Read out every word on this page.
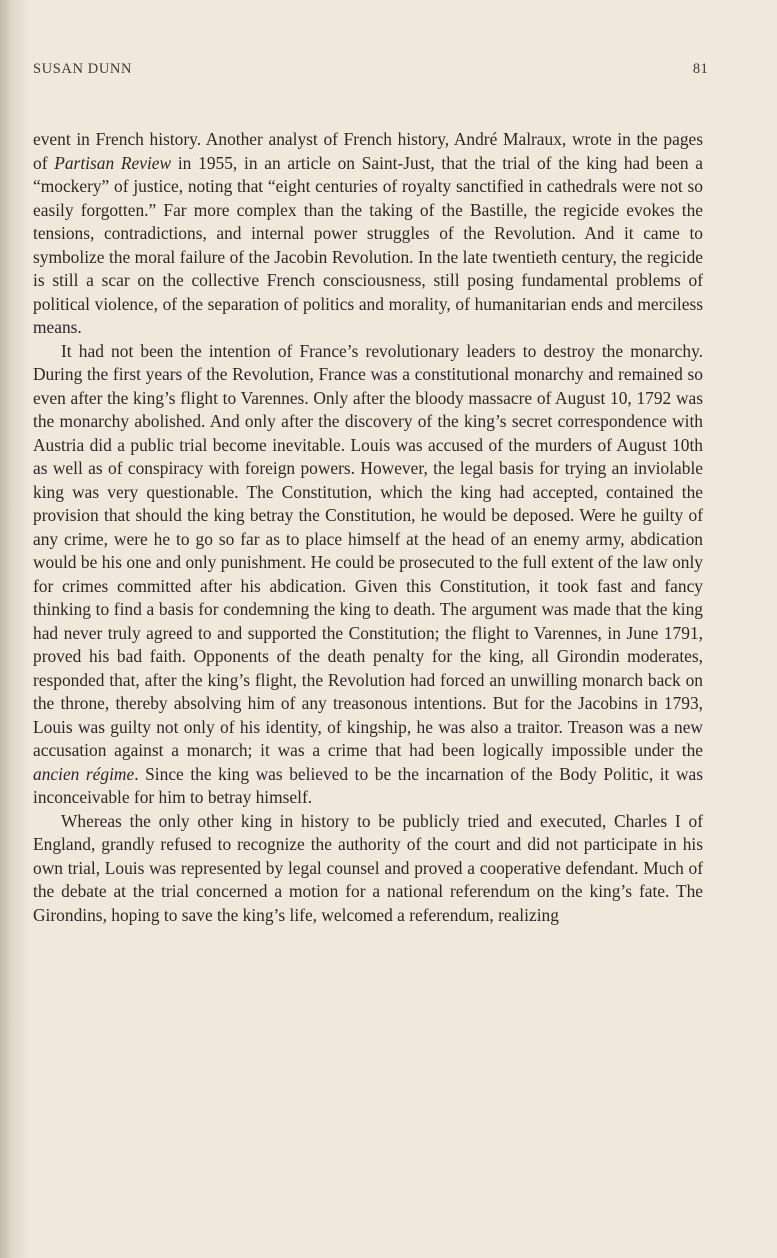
SUSAN DUNN	81

event in French history. Another analyst of French history, André Malraux, wrote in the pages of Partisan Review in 1955, in an article on Saint-Just, that the trial of the king had been a “mockery” of justice, noting that “eight centuries of royalty sanctified in cathedrals were not so easily forgotten.” Far more complex than the taking of the Bastille, the regicide evokes the tensions, contradictions, and internal power struggles of the Revolution. And it came to symbolize the moral failure of the Jacobin Revolution. In the late twentieth century, the regicide is still a scar on the collective French consciousness, still posing fundamental problems of political violence, of the separation of politics and morality, of humanitarian ends and merciless means.

It had not been the intention of France’s revolutionary leaders to destroy the monarchy. During the first years of the Revolution, France was a constitutional monarchy and remained so even after the king’s flight to Varennes. Only after the bloody massacre of August 10, 1792 was the monarchy abolished. And only after the discovery of the king’s secret correspondence with Austria did a public trial become inevitable. Louis was accused of the murders of August 10th as well as of conspiracy with foreign powers. However, the legal basis for trying an inviolable king was very questionable. The Constitution, which the king had accepted, contained the provision that should the king betray the Constitution, he would be deposed. Were he guilty of any crime, were he to go so far as to place himself at the head of an enemy army, abdication would be his one and only punishment. He could be prosecuted to the full extent of the law only for crimes committed after his abdication. Given this Constitution, it took fast and fancy thinking to find a basis for condemning the king to death. The argument was made that the king had never truly agreed to and supported the Constitution; the flight to Varennes, in June 1791, proved his bad faith. Opponents of the death penalty for the king, all Girondin moderates, responded that, after the king’s flight, the Revolution had forced an unwilling monarch back on the throne, thereby absolving him of any treasonous intentions. But for the Jacobins in 1793, Louis was guilty not only of his identity, of kingship, he was also a traitor. Treason was a new accusation against a monarch; it was a crime that had been logically impossible under the ancien régime. Since the king was believed to be the incarnation of the Body Politic, it was inconceivable for him to betray himself.

Whereas the only other king in history to be publicly tried and executed, Charles I of England, grandly refused to recognize the authority of the court and did not participate in his own trial, Louis was represented by legal counsel and proved a cooperative defendant. Much of the debate at the trial concerned a motion for a national referendum on the king’s fate. The Girondins, hoping to save the king’s life, welcomed a referendum, realizing
